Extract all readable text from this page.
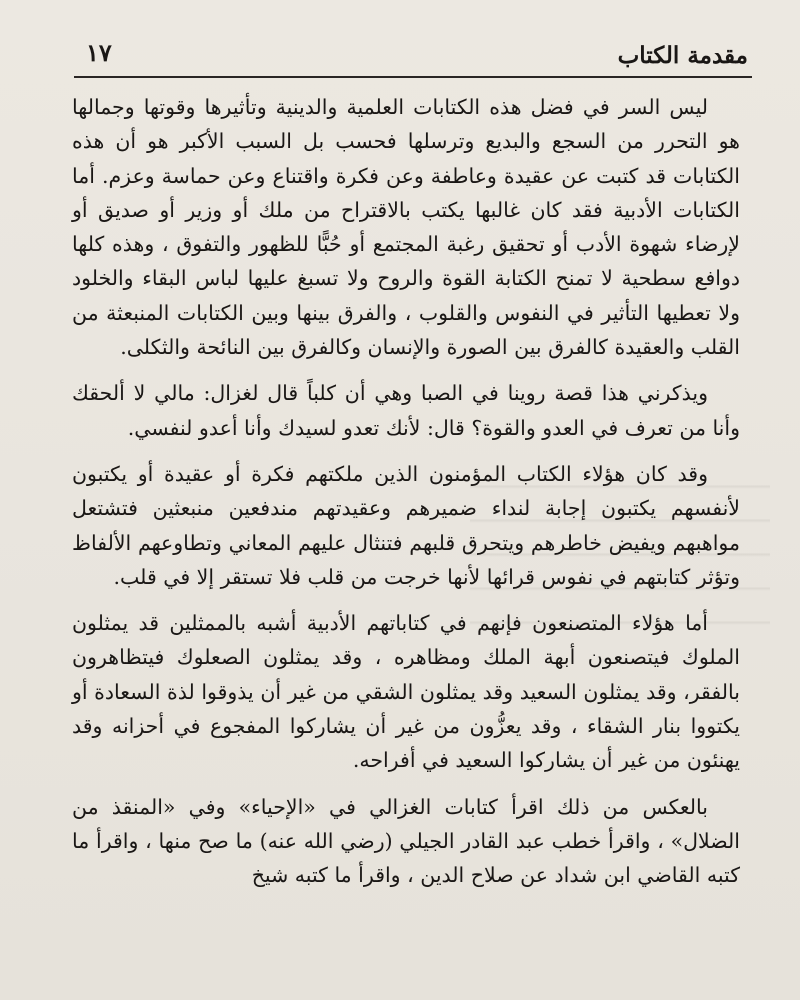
مقدمة الكتاب
١٧

ليس السر في فضل هذه الكتابات العلمية والدينية وتأثيرها وقوتها وجمالها هو التحرر من السجع والبديع وترسلها فحسب بل السبب الأكبر هو أن هذه الكتابات قد كتبت عن عقيدة وعاطفة وعن فكرة واقتناع وعن حماسة وعزم. أما الكتابات الأدبية فقد كان غالبها يكتب بالاقتراح من ملك أو وزير أو صديق أو لإرضاء شهوة الأدب أو تحقيق رغبة المجتمع أو حُبًّا للظهور والتفوق ، وهذه كلها دوافع سطحية لا تمنح الكتابة القوة والروح ولا تسبغ عليها لباس البقاء والخلود ولا تعطيها التأثير في النفوس والقلوب ، والفرق بينها وبين الكتابات المنبعثة من القلب والعقيدة كالفرق بين الصورة والإنسان وكالفرق بين النائحة والثكلى.

ويذكرني هذا قصة روينا في الصبا وهي أن كلباً قال لغزال: مالي لا ألحقك وأنا من تعرف في العدو والقوة؟ قال: لأنك تعدو لسيدك وأنا أعدو لنفسي.

وقد كان هؤلاء الكتاب المؤمنون الذين ملكتهم فكرة أو عقيدة أو يكتبون لأنفسهم يكتبون إجابة لنداء ضميرهم وعقيدتهم مندفعين منبعثين فتشتعل مواهبهم ويفيض خاطرهم ويتحرق قلبهم فتنثال عليهم المعاني وتطاوعهم الألفاظ وتؤثر كتابتهم في نفوس قرائها لأنها خرجت من قلب فلا تستقر إلا في قلب.

أما هؤلاء المتصنعون فإنهم في كتاباتهم الأدبية أشبه بالممثلين قد يمثلون الملوك فيتصنعون أبهة الملك ومظاهره ، وقد يمثلون الصعلوك فيتظاهرون بالفقر، وقد يمثلون السعيد وقد يمثلون الشقي من غير أن يذوقوا لذة السعادة أو يكتووا بنار الشقاء ، وقد يعزُّون من غير أن يشاركوا المفجوع في أحزانه وقد يهنئون من غير أن يشاركوا السعيد في أفراحه.

بالعكس من ذلك اقرأ كتابات الغزالي في «الإحياء» وفي «المنقذ من الضلال» ، واقرأ خطب عبد القادر الجيلي (رضي الله عنه) ما صح منها ، واقرأ ما كتبه القاضي ابن شداد عن صلاح الدين ، واقرأ ما كتبه شيخ
